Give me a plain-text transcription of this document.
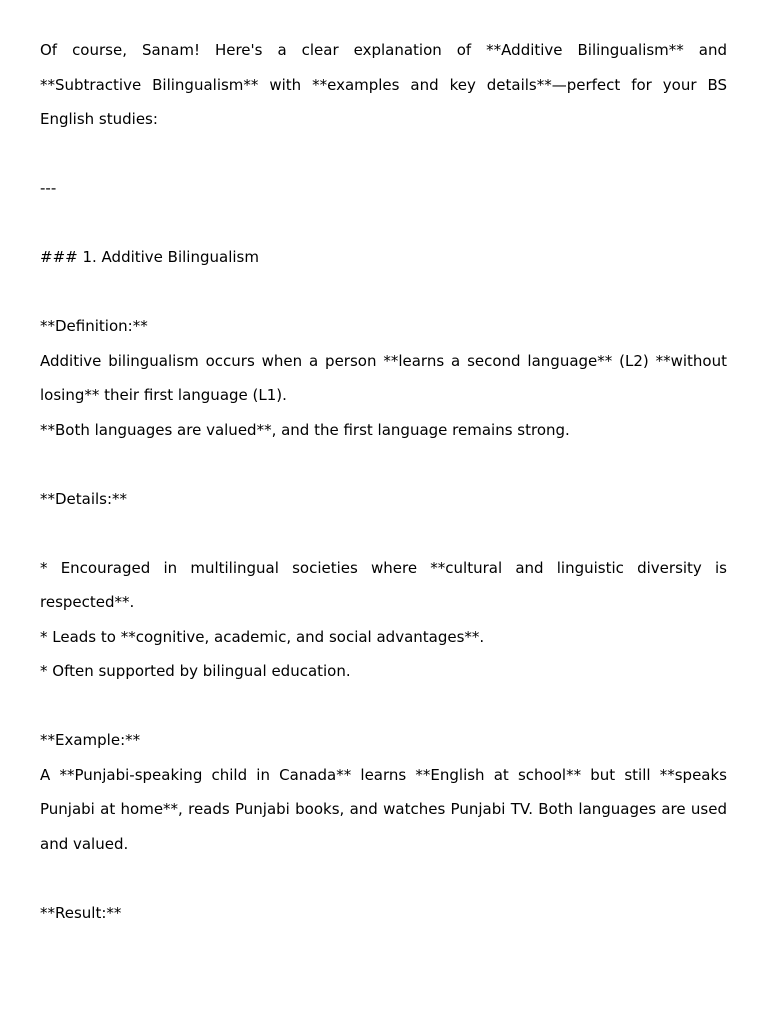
Of course, Sanam! Here's a clear explanation of **Additive Bilingualism** and **Subtractive Bilingualism** with **examples and key details**—perfect for your BS English studies:

---

### 1. Additive Bilingualism

**Definition:**

Additive bilingualism occurs when a person **learns a second language** (L2) **without losing** their first language (L1).

**Both languages are valued**, and the first language remains strong.

**Details:**

* Encouraged in multilingual societies where **cultural and linguistic diversity is respected**.

* Leads to **cognitive, academic, and social advantages**.

* Often supported by bilingual education.

**Example:**

A **Punjabi-speaking child in Canada** learns **English at school** but still **speaks Punjabi at home**, reads Punjabi books, and watches Punjabi TV. Both languages are used and valued.

**Result:**
